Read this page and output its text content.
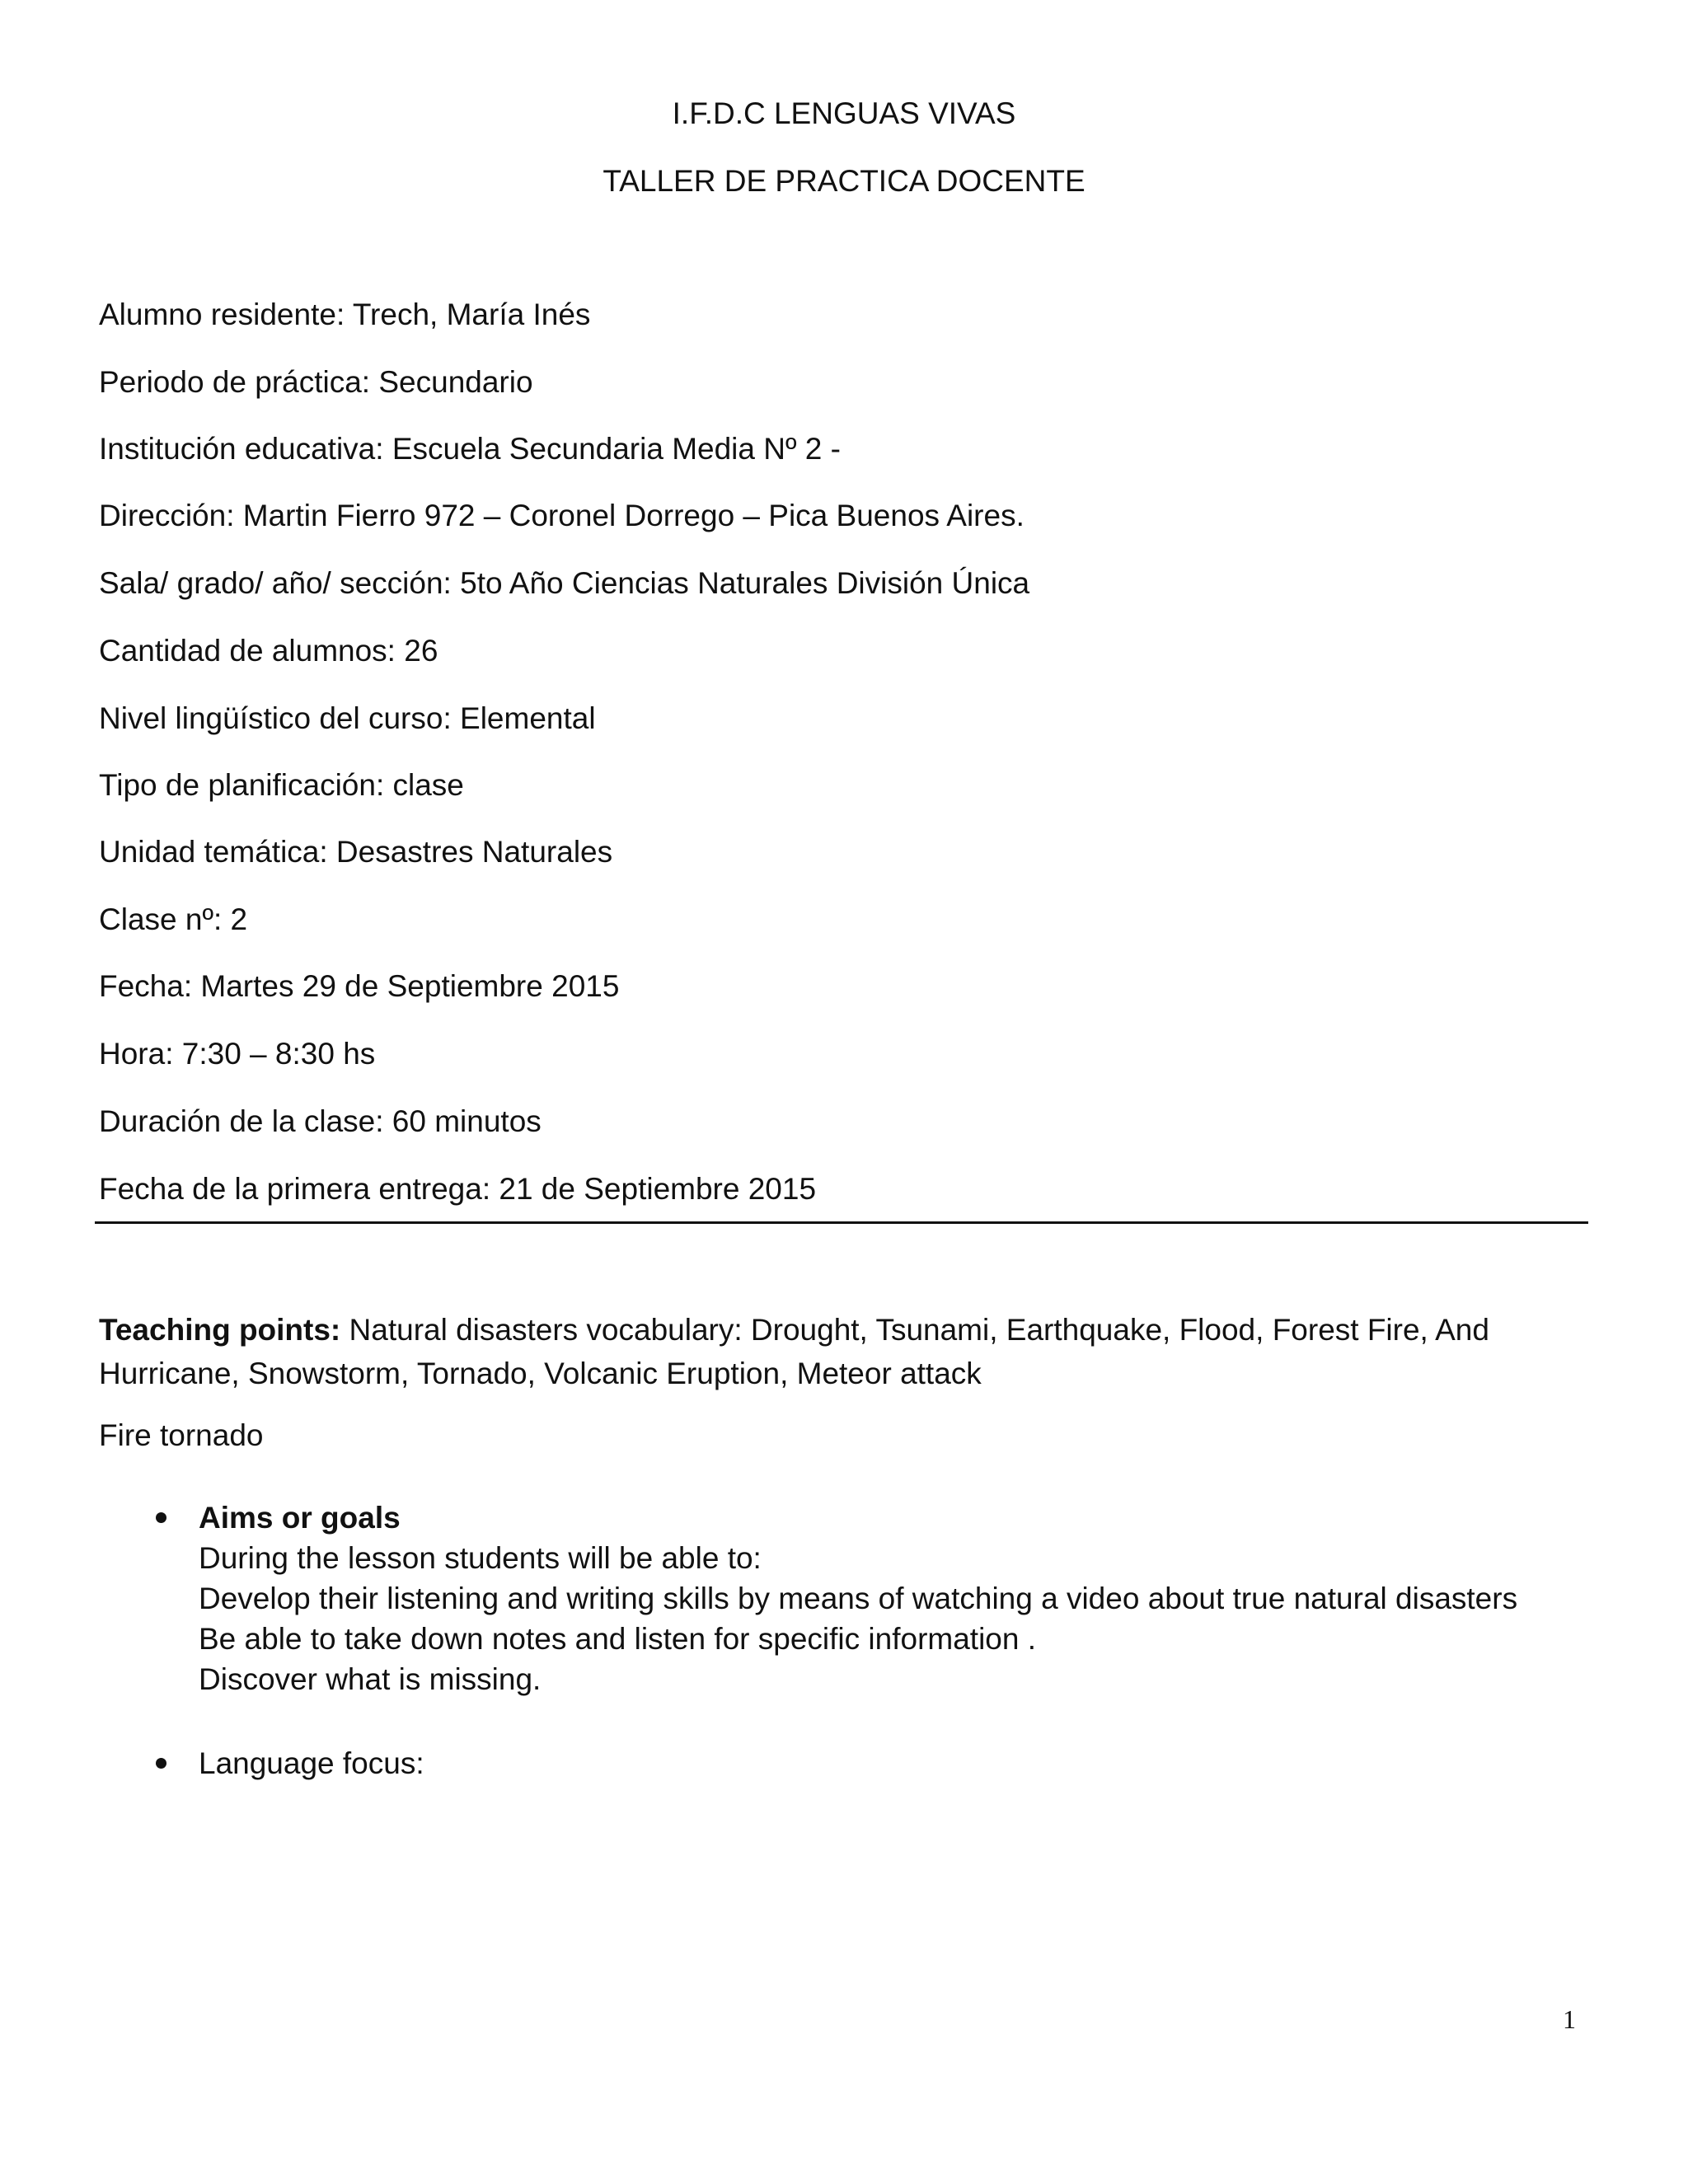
I.F.D.C LENGUAS VIVAS
TALLER DE PRACTICA DOCENTE
Alumno residente: Trech, María Inés
Periodo de práctica: Secundario
Institución educativa: Escuela Secundaria Media Nº 2 -
Dirección: Martin Fierro 972 – Coronel Dorrego – Pica Buenos Aires.
Sala/ grado/ año/ sección: 5to Año Ciencias Naturales División Única
Cantidad de alumnos: 26
Nivel lingüístico del curso: Elemental
Tipo de planificación: clase
Unidad temática: Desastres Naturales
Clase nº: 2
Fecha: Martes 29 de Septiembre 2015
Hora: 7:30 – 8:30 hs
Duración de la clase: 60 minutos
Fecha de la primera entrega: 21 de Septiembre 2015
Teaching points: Natural disasters vocabulary: Drought, Tsunami, Earthquake, Flood, Forest Fire, And Hurricane, Snowstorm, Tornado, Volcanic Eruption, Meteor attack
Fire tornado
Aims or goals
During the lesson students will be able to:
Develop their listening and writing skills by means of watching a video about true natural disasters
Be able to take down notes and listen for specific information .
Discover what is missing.
Language focus:
1
